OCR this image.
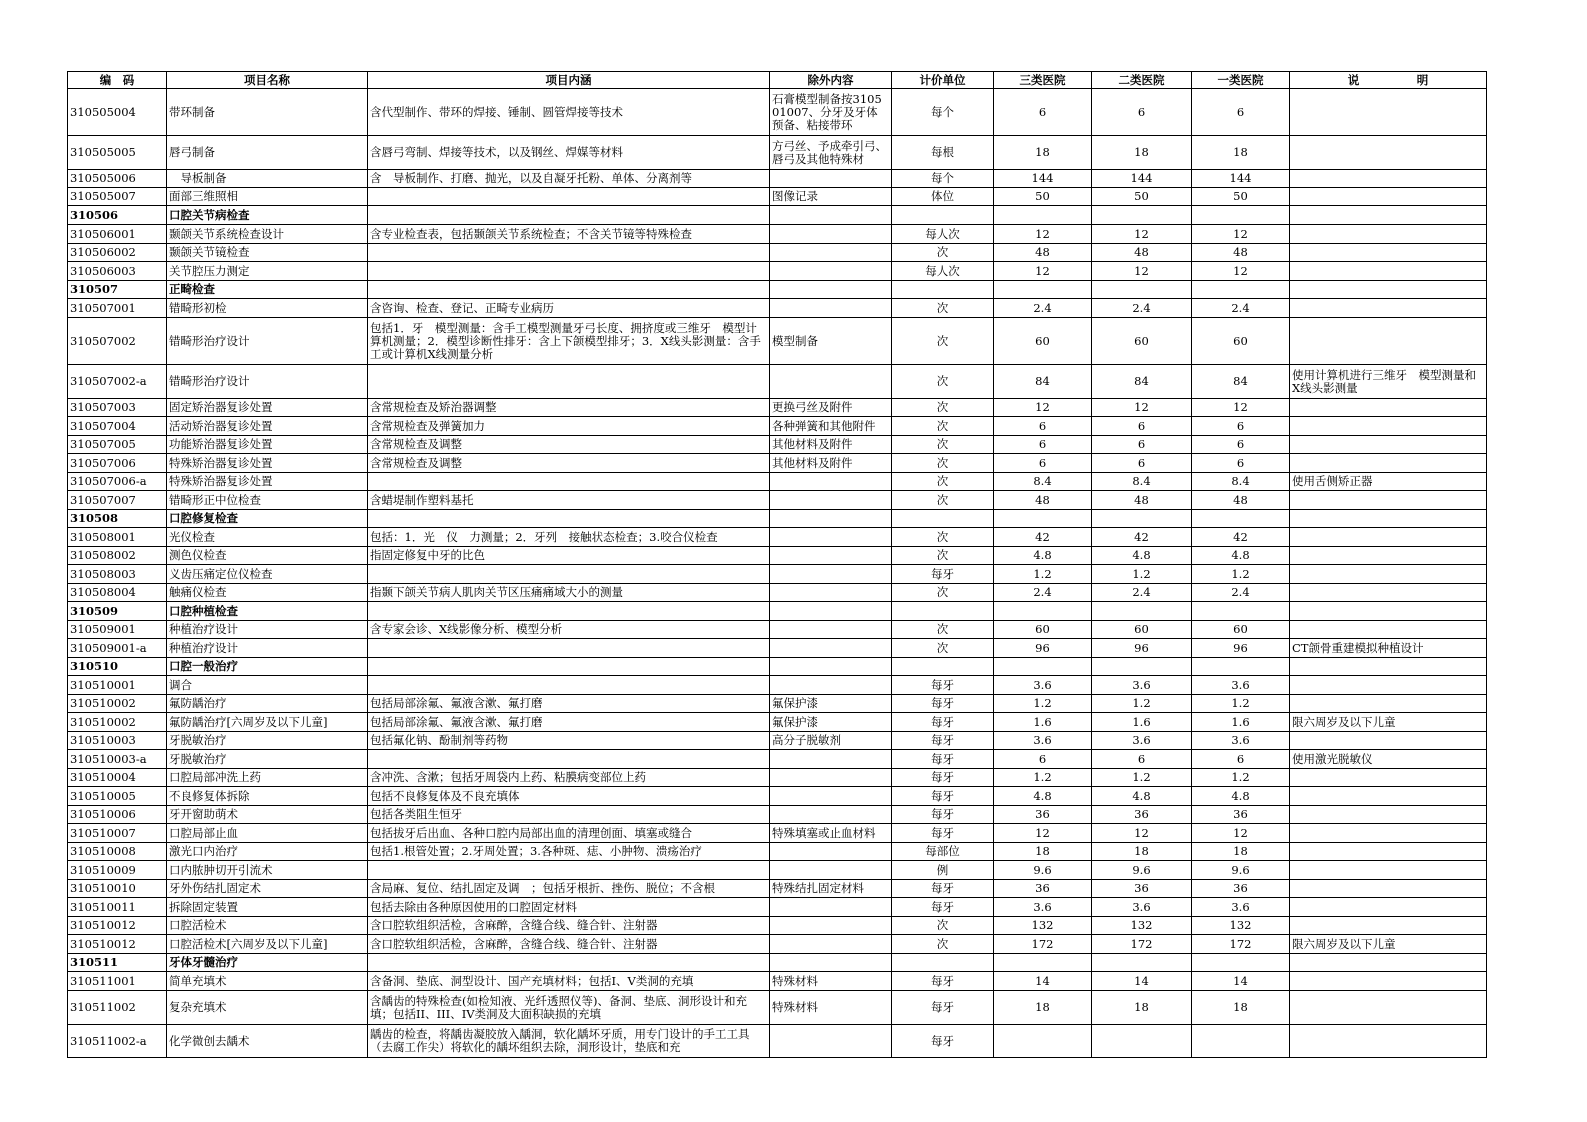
编　码	项目名称	项目内涵	除外内容	计价单位	三类医院	二类医院	一类医院	说　　　　　明

310505004	带环制备	含代型制作、带环的焊接、锤制、圆管焊接等技术	石膏模型制备按310501007、分牙及牙体预备、粘接带环	每个	6	6	6	

310505005	唇弓制备	含唇弓弯制、焊接等技术，以及钢丝、焊媒等材料	方弓丝、予成牵引弓、唇弓及其他特殊材	每根	18	18	18	

310505006	　导板制备	含　导板制作、打磨、抛光，以及自凝牙托粉、单体、分离剂等		每个	144	144	144	

310505007	面部三维照相		图像记录	体位	50	50	50	

310506	口腔关节病检查							

310506001	颞颌关节系统检查设计	含专业检查表，包括颞颌关节系统检查；不含关节镜等特殊检查		每人次	12	12	12	

310506002	颞颌关节镜检查			次	48	48	48	

310506003	关节腔压力测定			每人次	12	12	12	

310507	正畸检查							

310507001	错畸形初检	含咨询、检查、登记、正畸专业病历		次	2.4	2.4	2.4	

310507002	错畸形治疗设计	包括1．牙　模型测量：含手工模型测量牙弓长度、拥挤度或三维牙　模型计算机测量；2．模型诊断性排牙：含上下颌模型排牙；3．X线头影测量：含手工或计算机X线测量分析	模型制备	次	60	60	60	

310507002-a	错畸形治疗设计			次	84	84	84	使用计算机进行三维牙　模型测量和X线头影测量

310507003	固定矫治器复诊处置	含常规检查及矫治器调整	更换弓丝及附件	次	12	12	12	

310507004	活动矫治器复诊处置	含常规检查及弹簧加力	各种弹簧和其他附件	次	6	6	6	

310507005	功能矫治器复诊处置	含常规检查及调整	其他材料及附件	次	6	6	6	

310507006	特殊矫治器复诊处置	含常规检查及调整	其他材料及附件	次	6	6	6	

310507006-a	特殊矫治器复诊处置			次	8.4	8.4	8.4	使用舌侧矫正器

310507007	错畸形正中位检查	含蜡堤制作塑料基托		次	48	48	48	

310508	口腔修复检查							

310508001	光仪检查	包括：1．光　仪　力测量；2．牙列　接触状态检查；3.咬合仪检查		次	42	42	42	

310508002	测色仪检查	指固定修复中牙的比色		次	4.8	4.8	4.8	

310508003	义齿压痛定位仪检查			每牙	1.2	1.2	1.2	

310508004	触痛仪检查	指颞下颌关节病人肌肉关节区压痛痛域大小的测量		次	2.4	2.4	2.4	

310509	口腔种植检查							

310509001	种植治疗设计	含专家会诊、X线影像分析、模型分析		次	60	60	60	

310509001-a	种植治疗设计			次	96	96	96	CT颌骨重建模拟种植设计

310510	口腔一般治疗							

310510001	调合			每牙	3.6	3.6	3.6	

310510002	氟防龋治疗	包括局部涂氟、氟液含漱、氟打磨	氟保护漆	每牙	1.2	1.2	1.2	

310510002	氟防龋治疗[六周岁及以下儿童]	包括局部涂氟、氟液含漱、氟打磨	氟保护漆	每牙	1.6	1.6	1.6	限六周岁及以下儿童

310510003	牙脱敏治疗	包括氟化钠、酚制剂等药物	高分子脱敏剂	每牙	3.6	3.6	3.6	

310510003-a	牙脱敏治疗			每牙	6	6	6	使用激光脱敏仪

310510004	口腔局部冲洗上药	含冲洗、含漱；包括牙周袋内上药、粘膜病变部位上药		每牙	1.2	1.2	1.2	

310510005	不良修复体拆除	包括不良修复体及不良充填体		每牙	4.8	4.8	4.8	

310510006	牙开窗助萌术	包括各类阻生恒牙		每牙	36	36	36	

310510007	口腔局部止血	包括拔牙后出血、各种口腔内局部出血的清理创面、填塞或缝合	特殊填塞或止血材料	每牙	12	12	12	

310510008	激光口内治疗	包括1.根管处置；2.牙周处置；3.各种斑、痣、小肿物、溃疡治疗		每部位	18	18	18	

310510009	口内脓肿切开引流术			例	9.6	9.6	9.6	

310510010	牙外伤结扎固定术	含局麻、复位、结扎固定及调　；包括牙根折、挫伤、脱位；不含根	特殊结扎固定材料	每牙	36	36	36	

310510011	拆除固定装置	包括去除由各种原因使用的口腔固定材料		每牙	3.6	3.6	3.6	

310510012	口腔活检术	含口腔软组织活检，含麻醉，含缝合线、缝合针、注射器		次	132	132	132	

310510012	口腔活检术[六周岁及以下儿童]	含口腔软组织活检，含麻醉，含缝合线、缝合针、注射器		次	172	172	172	限六周岁及以下儿童

310511	牙体牙髓治疗							

310511001	简单充填术	含备洞、垫底、洞型设计、国产充填材料；包括I、V类洞的充填	特殊材料	每牙	14	14	14	

310511002	复杂充填术	含龋齿的特殊检查(如检知液、光纤透照仪等)、备洞、垫底、洞形设计和充填；包括II、III、IV类洞及大面积缺损的充填	特殊材料	每牙	18	18	18	

310511002-a	化学微创去龋术	龋齿的检查，将龋齿凝胶放入龋洞，软化龋坏牙质，用专门设计的手工工具（去腐工作尖）将软化的龋坏组织去除，洞形设计，垫底和充		每牙				
